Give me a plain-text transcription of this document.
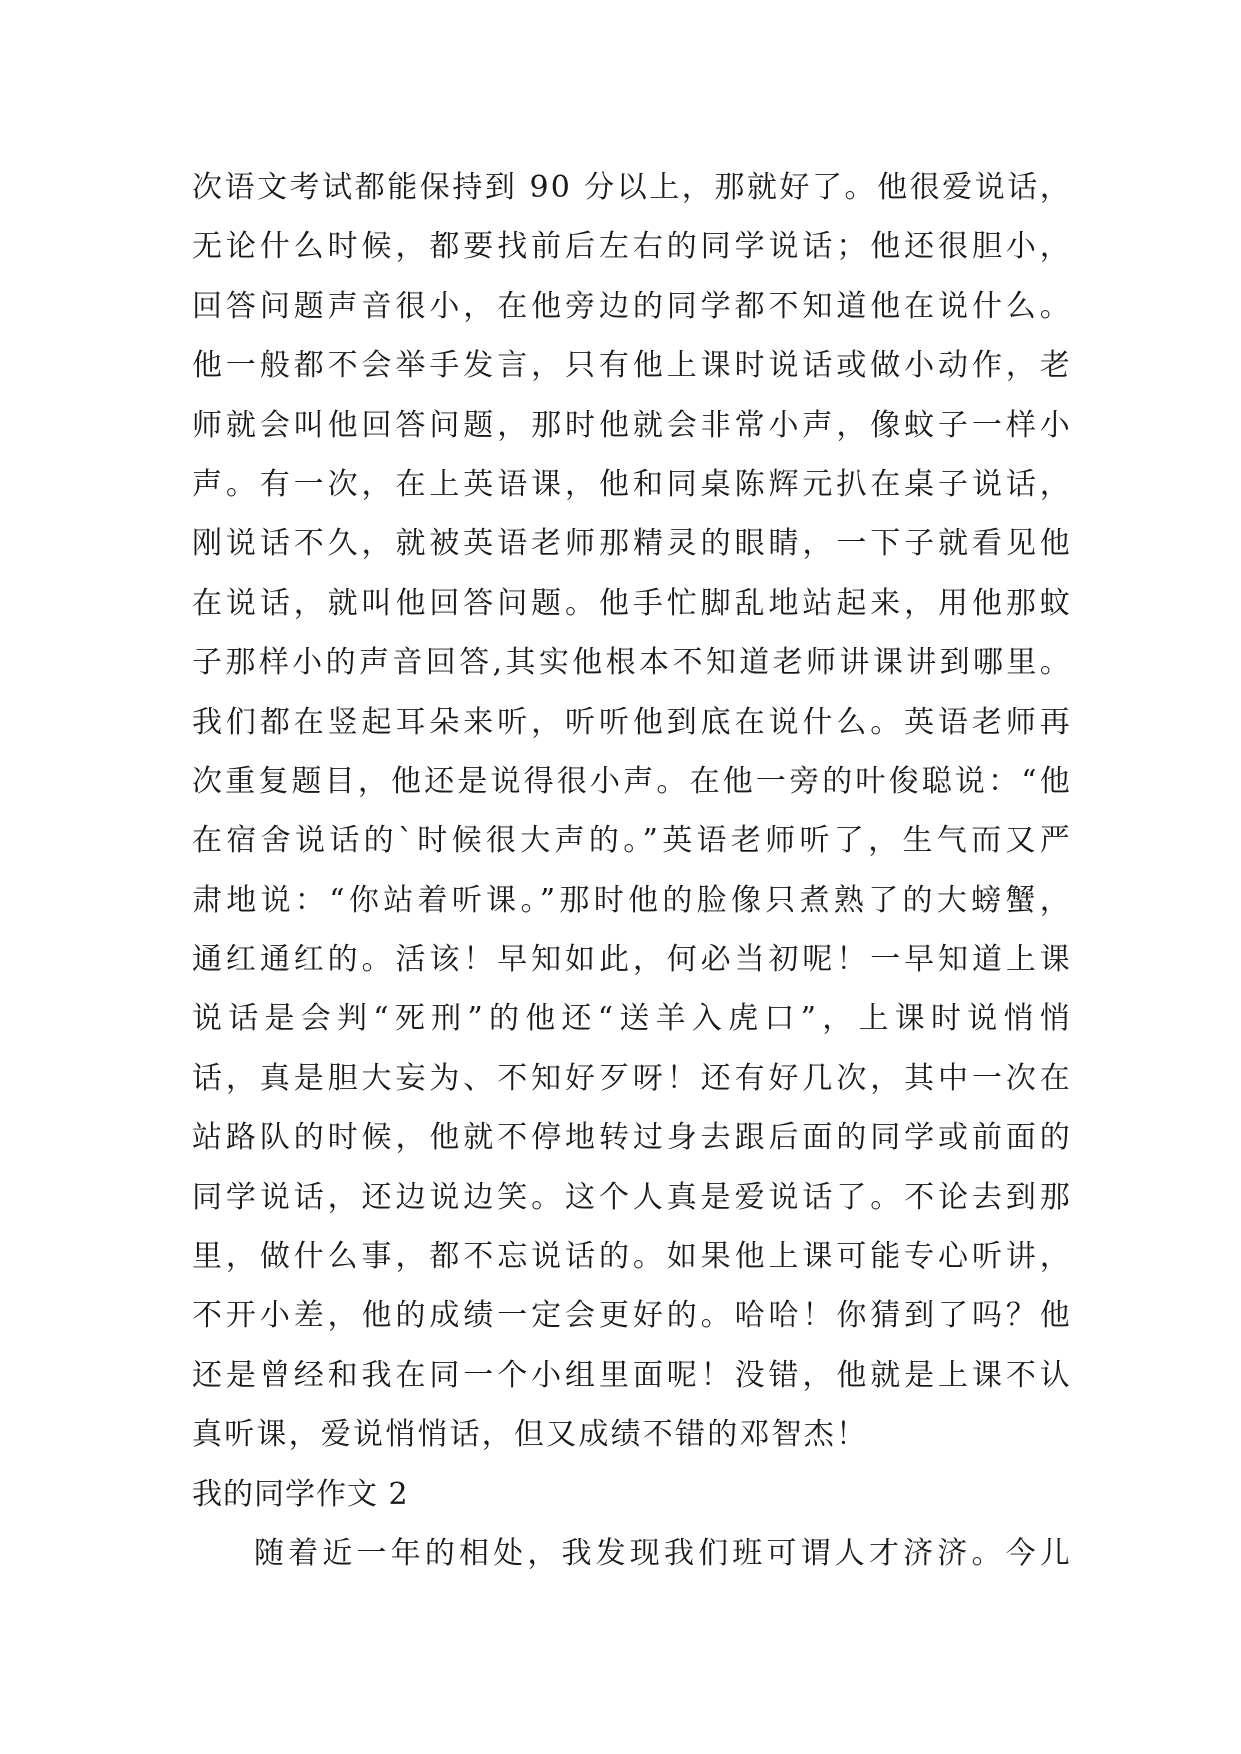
次语文考试都能保持到 90 分以上，那就好了。他很爱说话，
无论什么时候，都要找前后左右的同学说话；他还很胆小，
回答问题声音很小，在他旁边的同学都不知道他在说什么。
他一般都不会举手发言，只有他上课时说话或做小动作，老
师就会叫他回答问题，那时他就会非常小声，像蚊子一样小
声。有一次，在上英语课，他和同桌陈辉元扒在桌子说话，
刚说话不久，就被英语老师那精灵的眼睛，一下子就看见他
在说话，就叫他回答问题。他手忙脚乱地站起来，用他那蚊
子那样小的声音回答,其实他根本不知道老师讲课讲到哪里。
我们都在竖起耳朵来听，听听他到底在说什么。英语老师再
次重复题目，他还是说得很小声。在他一旁的叶俊聪说：“他
在宿舍说话的`时候很大声的。”英语老师听了，生气而又严
肃地说：“你站着听课。”那时他的脸像只煮熟了的大螃蟹，
通红通红的。活该！早知如此，何必当初呢！一早知道上课
说话是会判“死刑”的他还“送羊入虎口”，上课时说悄悄
话，真是胆大妄为、不知好歹呀！还有好几次，其中一次在
站路队的时候，他就不停地转过身去跟后面的同学或前面的
同学说话，还边说边笑。这个人真是爱说话了。不论去到那
里，做什么事，都不忘说话的。如果他上课可能专心听讲，
不开小差，他的成绩一定会更好的。哈哈！你猜到了吗？他
还是曾经和我在同一个小组里面呢！没错，他就是上课不认
真听课，爱说悄悄话，但又成绩不错的邓智杰！
我的同学作文 2
随着近一年的相处，我发现我们班可谓人才济济。今儿
